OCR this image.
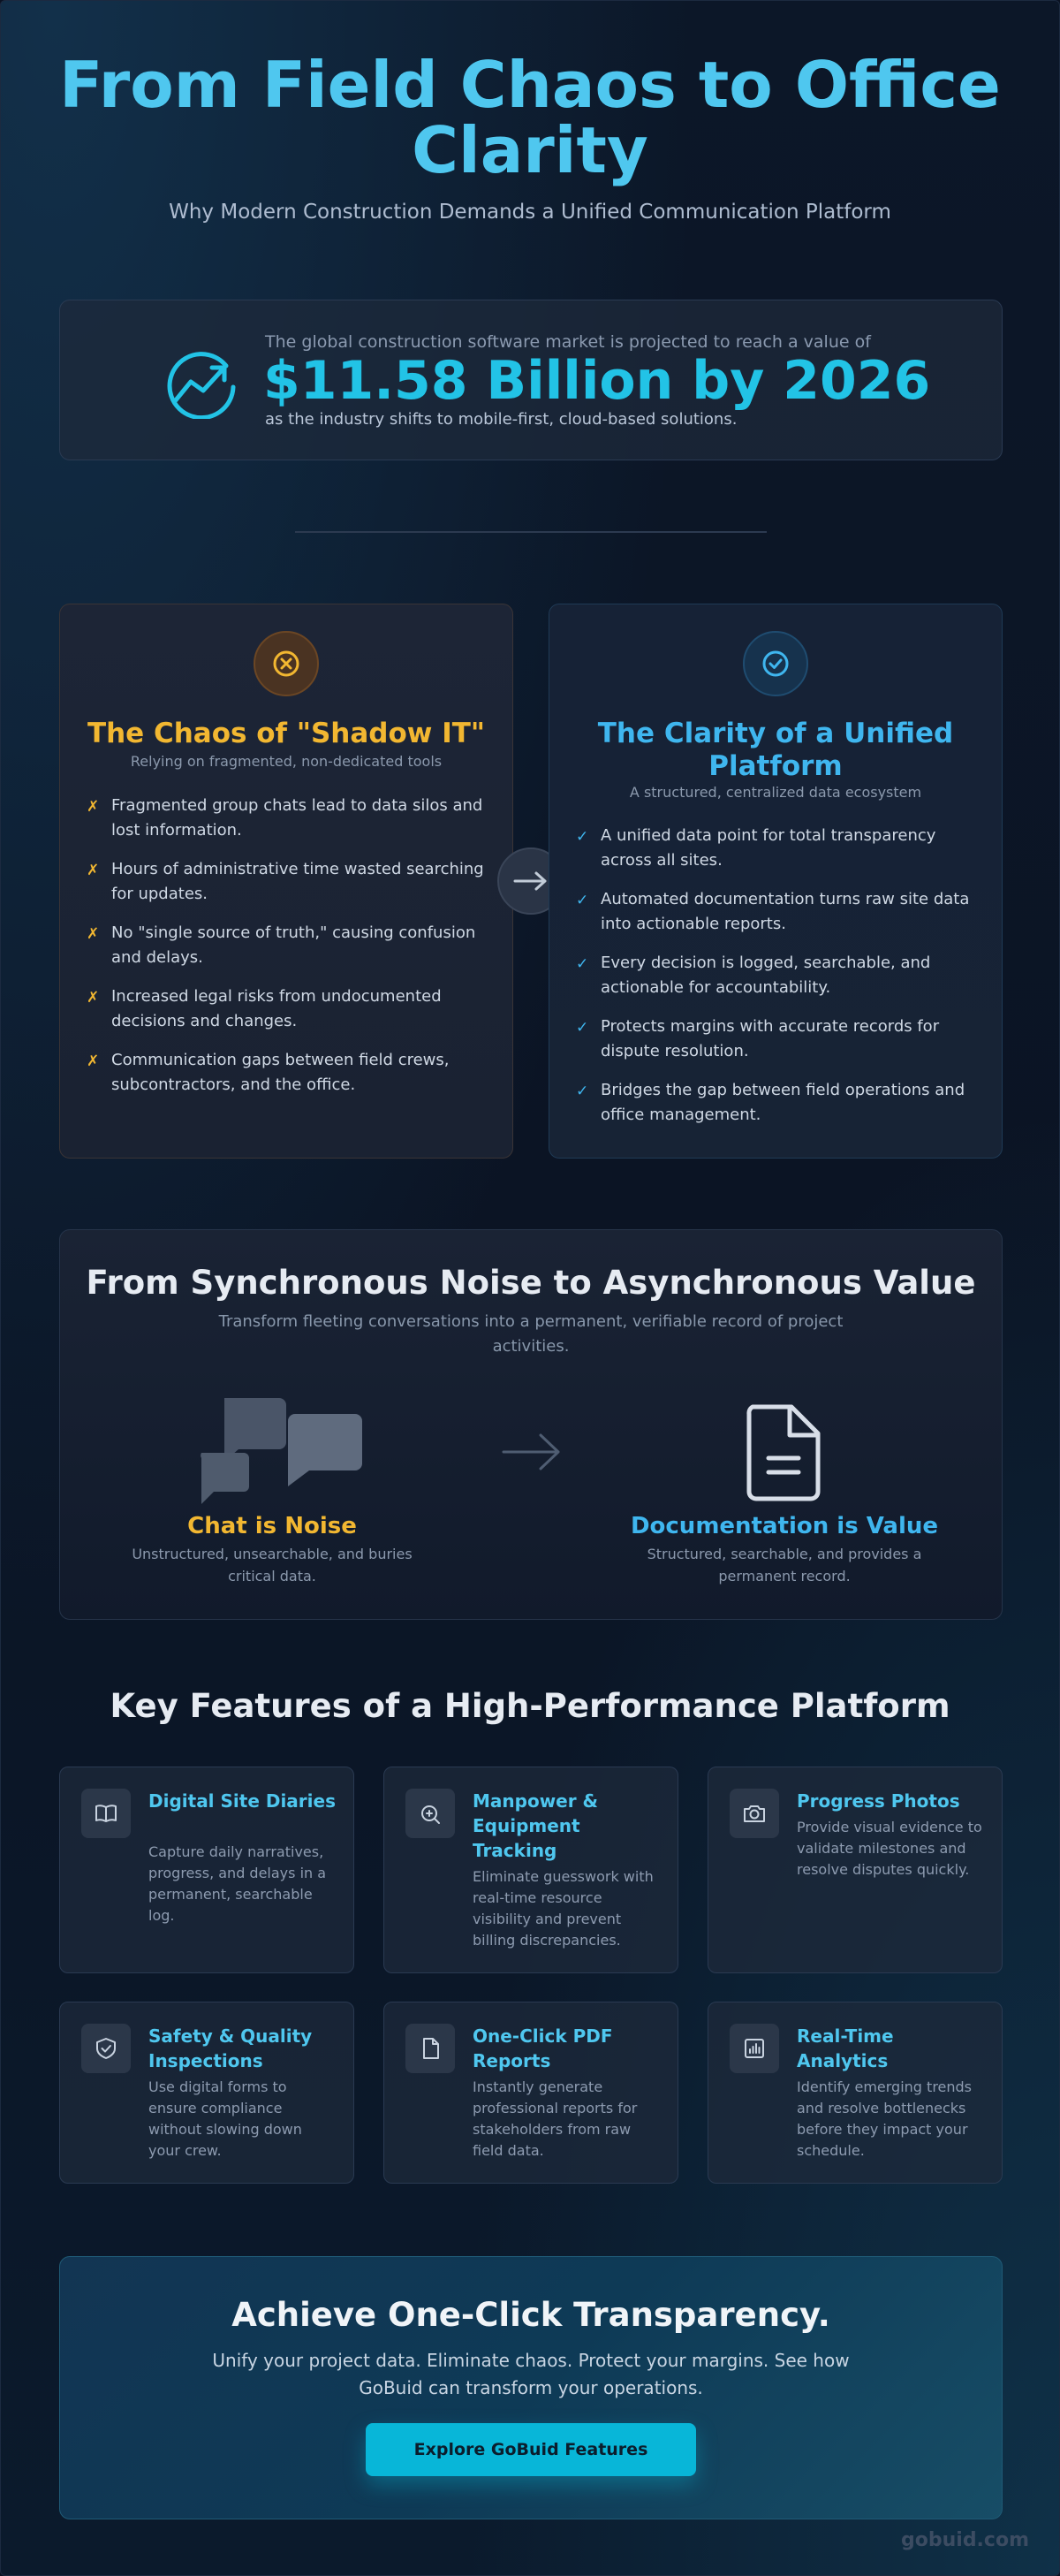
From Field Chaos to Office Clarity
Why Modern Construction Demands a Unified Communication Platform
The global construction software market is projected to reach a value of
$11.58 Billion by 2026
as the industry shifts to mobile-first, cloud-based solutions.
The Chaos of "Shadow IT"
Relying on fragmented, non-dedicated tools
✗ Fragmented group chats lead to data silos and lost information.
✗ Hours of administrative time wasted searching for updates.
✗ No "single source of truth," causing confusion and delays.
✗ Increased legal risks from undocumented decisions and changes.
✗ Communication gaps between field crews, subcontractors, and the office.
The Clarity of a Unified Platform
A structured, centralized data ecosystem
✓ A unified data point for total transparency across all sites.
✓ Automated documentation turns raw site data into actionable reports.
✓ Every decision is logged, searchable, and actionable for accountability.
✓ Protects margins with accurate records for dispute resolution.
✓ Bridges the gap between field operations and office management.
From Synchronous Noise to Asynchronous Value
Transform fleeting conversations into a permanent, verifiable record of project activities.
Chat is Noise
Unstructured, unsearchable, and buries critical data.
Documentation is Value
Structured, searchable, and provides a permanent record.
Key Features of a High-Performance Platform
Digital Site Diaries
Capture daily narratives, progress, and delays in a permanent, searchable log.
Manpower & Equipment Tracking
Eliminate guesswork with real-time resource visibility and prevent billing discrepancies.
Progress Photos
Provide visual evidence to validate milestones and resolve disputes quickly.
Safety & Quality Inspections
Use digital forms to ensure compliance without slowing down your crew.
One-Click PDF Reports
Instantly generate professional reports for stakeholders from raw field data.
Real-Time Analytics
Identify emerging trends and resolve bottlenecks before they impact your schedule.
Achieve One-Click Transparency.
Unify your project data. Eliminate chaos. Protect your margins. See how GoBuid can transform your operations.
Explore GoBuid Features
gobuid.com
